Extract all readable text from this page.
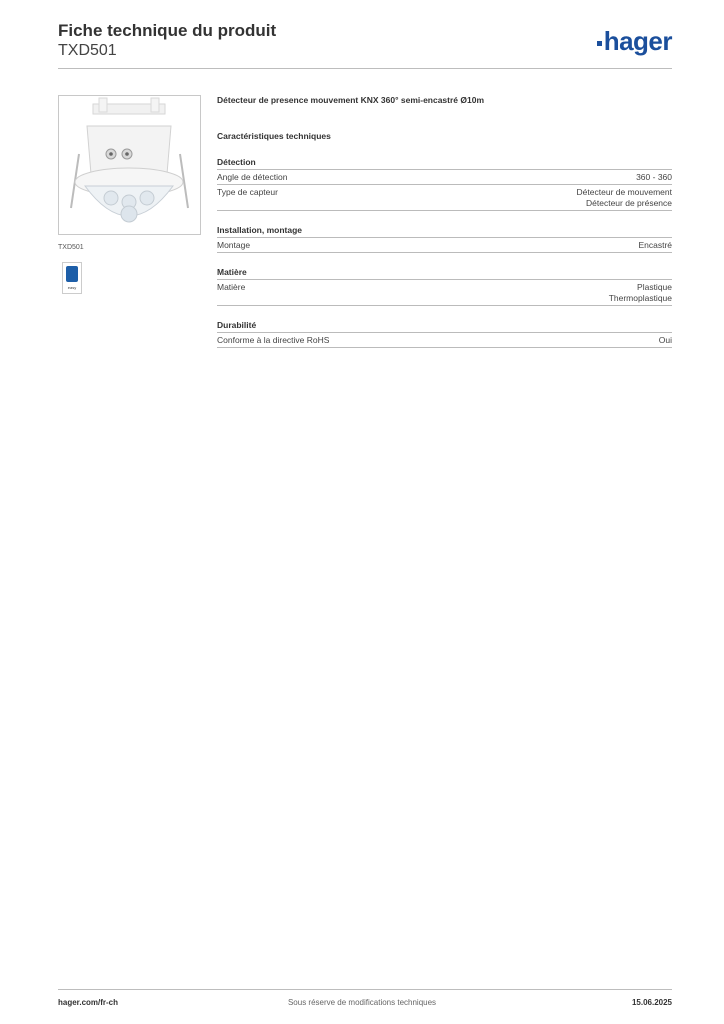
Fiche technique du produit
TXD501	hager
TXD501
easy
Détecteur de presence mouvement KNX 360° semi-encastré Ø10m
Caractéristiques techniques
Détection
Angle de détection	360 - 360
Type de capteur	Détecteur de mouvement
Détecteur de présence
Installation, montage
Montage	Encastré
Matière
Matière	Plastique
Thermoplastique
Durabilité
Conforme à la directive RoHS	Oui
hager.com/fr-ch	Sous réserve de modifications techniques	15.06.2025
